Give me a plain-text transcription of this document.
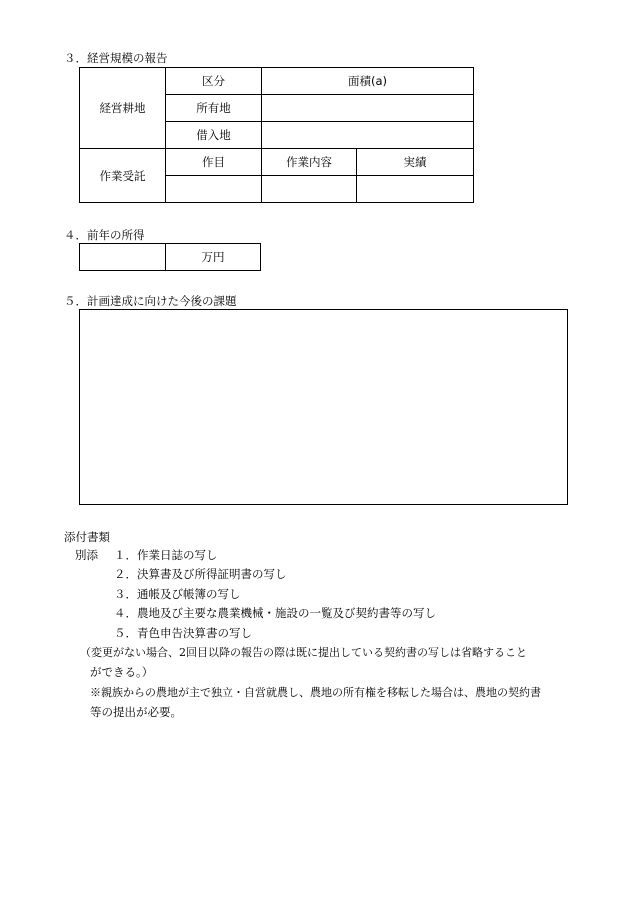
３．経営規模の報告
経営耕地	区分	面積(a)	
	所有地		
	借入地		
作業受託	作目	作業内容	実績

４．前年の所得
	万円
５．計画達成に向けた今後の課題
添付書類
別添 １．作業日誌の写し
２．決算書及び所得証明書の写し
３．通帳及び帳簿の写し
４．農地及び主要な農業機械・施設の一覧及び契約書等の写し
５．青色申告決算書の写し
（変更がない場合、2回目以降の報告の際は既に提出している契約書の写しは省略すること
ができる。）
※親族からの農地が主で独立・自営就農し、農地の所有権を移転した場合は、農地の契約書
等の提出が必要。
